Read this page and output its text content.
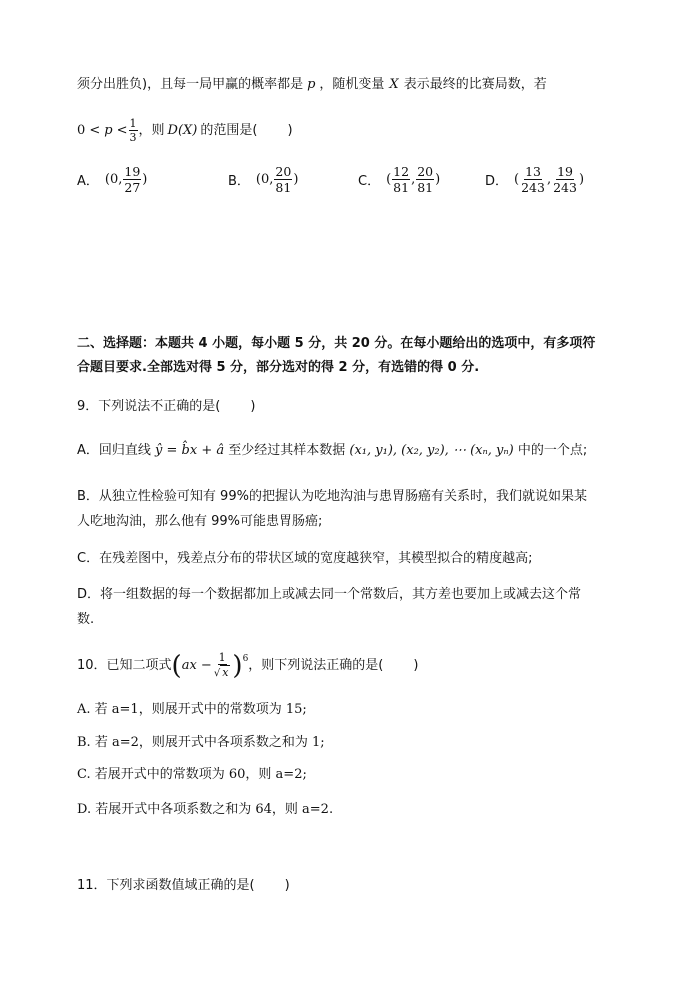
须分出胜负)，且每一局甲赢的概率都是 p ，随机变量 X 表示最终的比赛局数，若
$0 < p < \frac{1}{3}$ ，则 D(X) 的范围是( )
A． (0, $\frac{19}{27}$ )	B． (0, $\frac{20}{81}$ )	C． ( $\frac{12}{81}$ , $\frac{20}{81}$ )	D． ( $\frac{13}{243}$ , $\frac{19}{243}$ )
二、选择题：本题共 4 小题，每小题 5 分，共 20 分。在每小题给出的选项中，有多项符
合题目要求.全部选对得 5 分，部分选对的得 2 分，有选错的得 0 分.
9．下列说法不正确的是( )
A．回归直线 ŷ = b̂x + â 至少经过其样本数据 (x₁, y₁), (x₂, y₂), ⋯ (xₙ, yₙ) 中的一个点;
B．从独立性检验可知有 99%的把握认为吃地沟油与患胃肠癌有关系时，我们就说如果某
人吃地沟油，那么他有 99%可能患胃肠癌;
C．在残差图中，残差点分布的带状区域的宽度越狭窄，其模型拟合的精度越高;
D．将一组数据的每一个数据都加上或减去同一个常数后，其方差也要加上或减去这个常
数.
10．已知二项式 ( ax − $\frac{1}{√ x} )^6$ ，则下列说法正确的是( )
A. 若 a=1，则展开式中的常数项为 15;
B. 若 a=2，则展开式中各项系数之和为 1;
C. 若展开式中的常数项为 60，则 a=2;
D. 若展开式中各项系数之和为 64，则 a=2.
11．下列求函数值域正确的是( )
